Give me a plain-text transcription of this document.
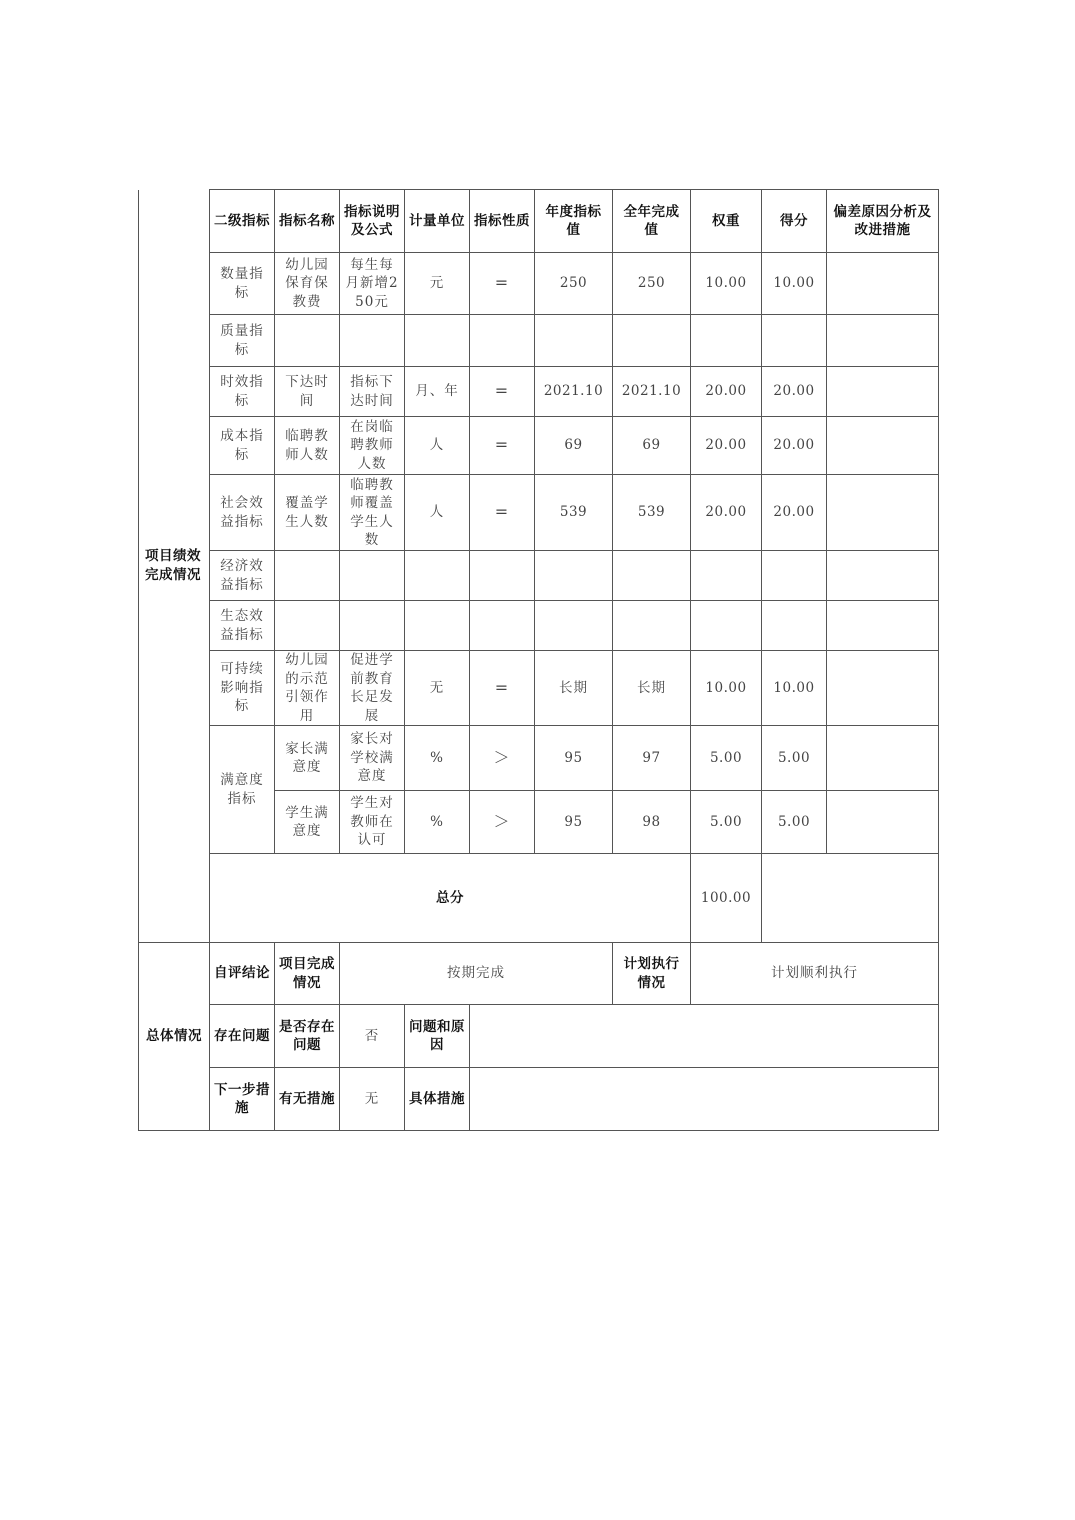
项目绩效完成情况	二级指标	指标名称	指标说明及公式	计量单位	指标性质	年度指标值	全年完成值	权重	得分	偏差原因分析及改进措施
	数量指标	幼儿园保育保教费	每生每月新增250元	元	=	250	250	10.00	10.00	
	质量指标									
	时效指标	下达时间	指标下达时间	月、年	=	2021.10	2021.10	20.00	20.00	
	成本指标	临聘教师人数	在岗临聘教师人数	人	=	69	69	20.00	20.00	
	社会效益指标	覆盖学生人数	临聘教师覆盖学生人数	人	=	539	539	20.00	20.00	
	经济效益指标									
	生态效益指标									
	可持续影响指标	幼儿园的示范引领作用	促进学前教育长足发展	无	=	长期	长期	10.00	10.00	
	满意度指标	家长满意度	家长对学校满意度	%	＞	95	97	5.00	5.00	
		学生满意度	学生对教师在认可	%	＞	95	98	5.00	5.00	
	总分							100.00		
总体情况	自评结论	项目完成情况	按期完成				计划执行情况	计划顺利执行		
	存在问题	是否存在问题	否	问题和原因						
	下一步措施	有无措施	无	具体措施						
